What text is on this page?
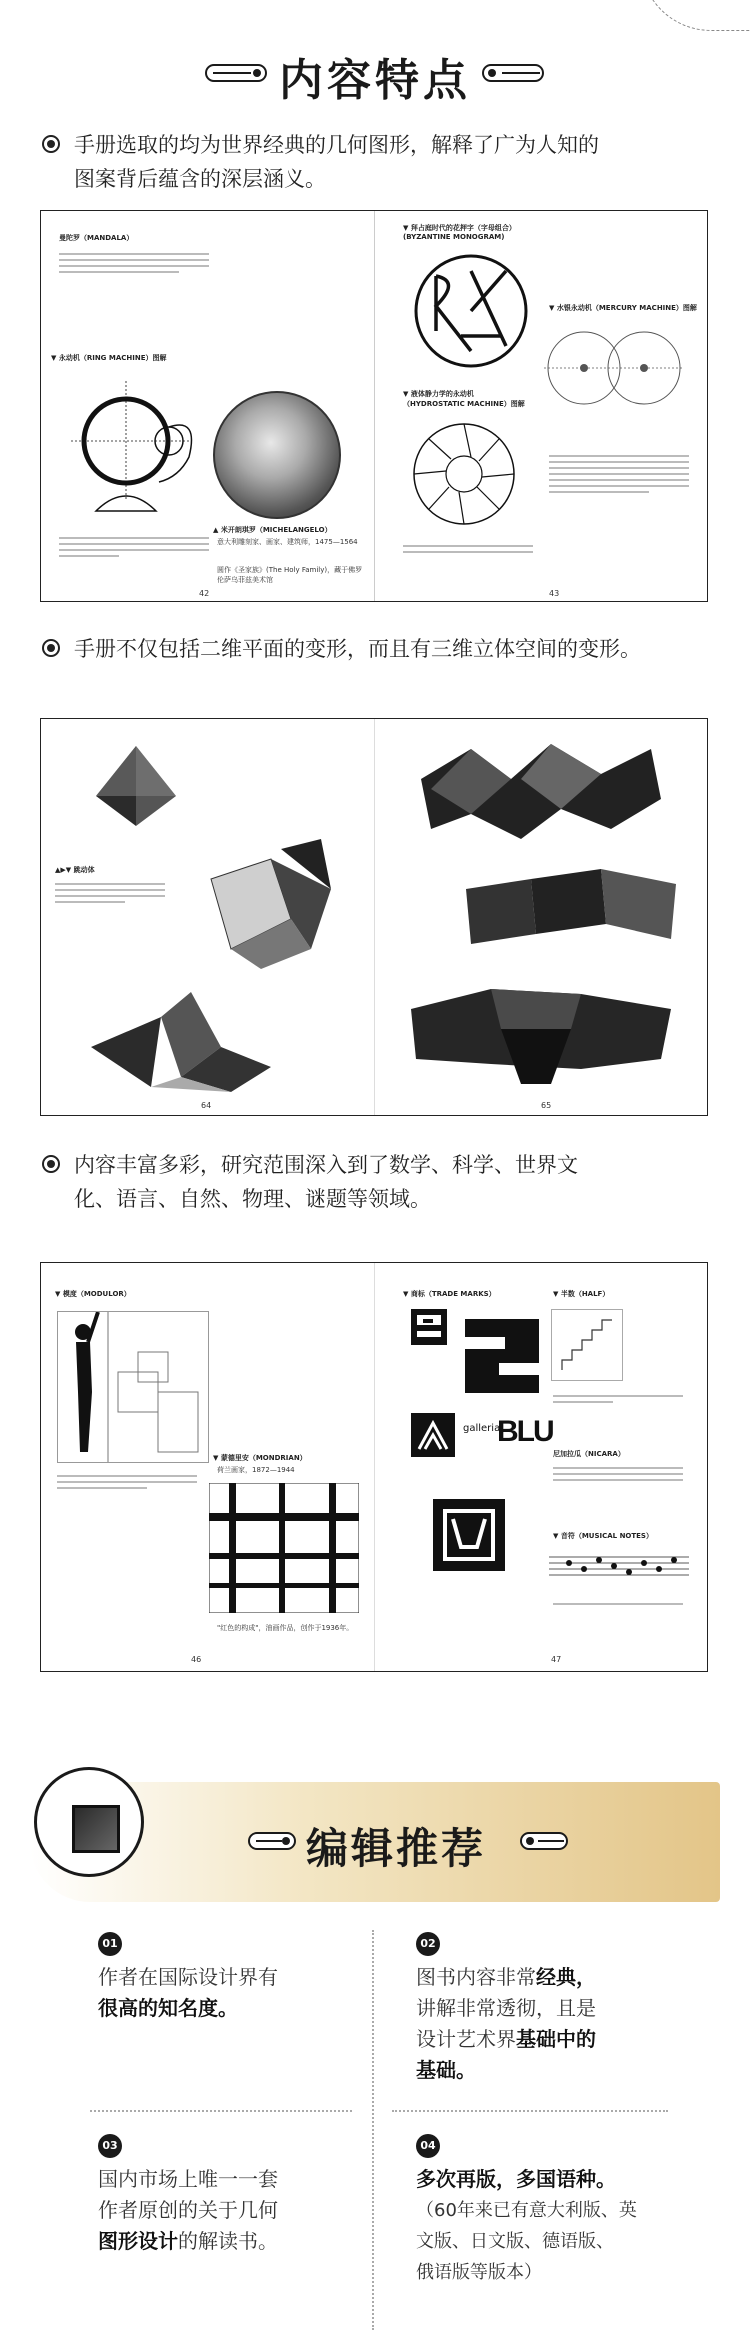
内容特点
手册选取的均为世界经典的几何图形，解释了广为人知的
图案背后蕴含的深层涵义。
曼陀罗（MANDALA）
▼ 永动机（RING MACHINE）图解
▲ 米开朗琪罗（MICHELANGELO）
意大利雕刻家、画家、建筑师，1475—1564
圆作《圣家族》(The Holy Family)，藏于佛罗伦萨乌菲兹美术馆
42
▼ 拜占庭时代的花押字（字母组合）(BYZANTINE MONOGRAM)
▼ 液体静力学的永动机（HYDROSTATIC MACHINE）图解
▼ 水银永动机（MERCURY MACHINE）图解
43
手册不仅包括二维平面的变形，而且有三维立体空间的变形。
▲▶▼ 跳动体
64	65
内容丰富多彩，研究范围深入到了数学、科学、世界文
化、语言、自然、物理、谜题等领域。
▼ 模度（MODULOR）
▼ 蒙德里安（MONDRIAN）
荷兰画家，1872—1944
"红色的构成"，油画作品，创作于1936年。
46
▼ 商标（TRADE MARKS）
galleria
BLU
▼ 半数（HALF）
尼加拉瓜（NICARA）
▼ 音符（MUSICAL NOTES）
47
编辑推荐
01
作者在国际设计界有
很高的知名度。
02
图书内容非常经典，
讲解非常透彻，且是
设计艺术界基础中的
基础。
03
国内市场上唯一一套
作者原创的关于几何
图形设计的解读书。
04
多次再版，多国语种。
（60年来已有意大利版、英
文版、日文版、德语版、
俄语版等版本）
